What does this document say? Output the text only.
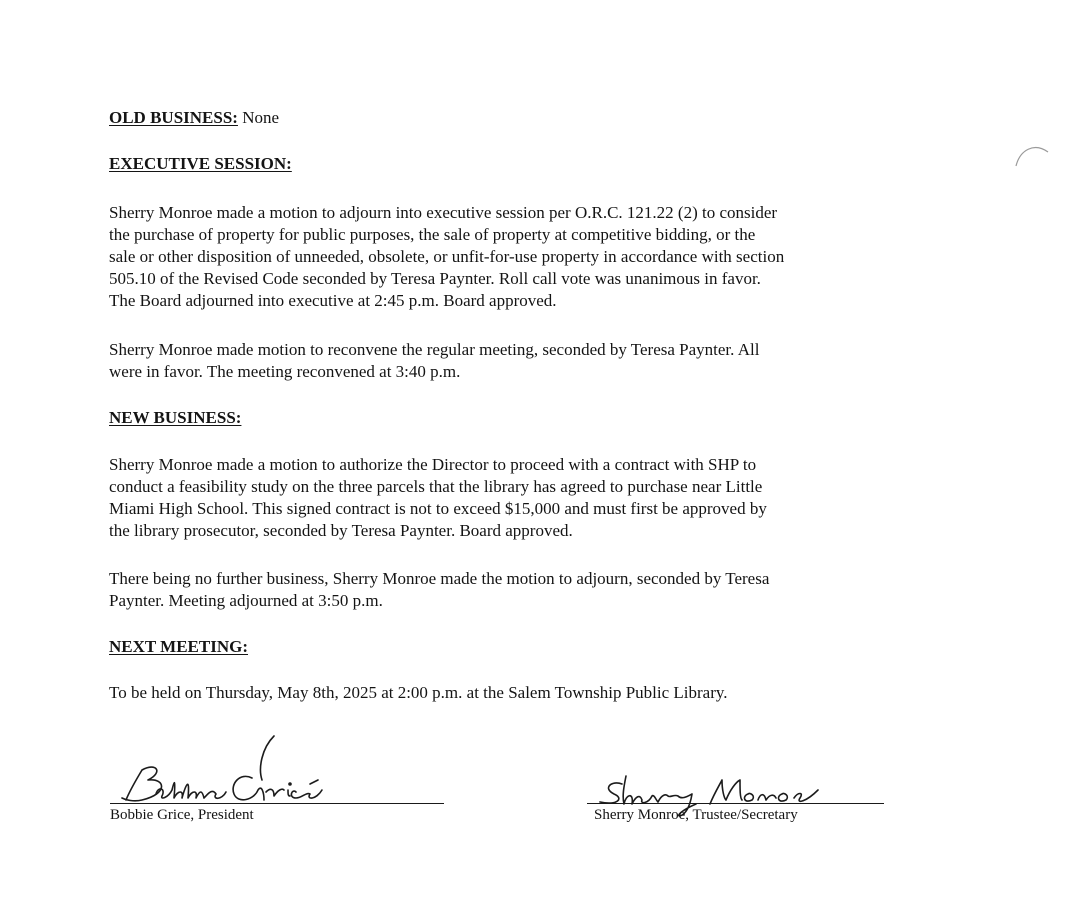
OLD BUSINESS: None
EXECUTIVE SESSION:
Sherry Monroe made a motion to adjourn into executive session per O.R.C. 121.22 (2) to consider
the purchase of property for public purposes, the sale of property at competitive bidding, or the
sale or other disposition of unneeded, obsolete, or unfit-for-use property in accordance with section
505.10 of the Revised Code seconded by Teresa Paynter. Roll call vote was unanimous in favor.
The Board adjourned into executive at 2:45 p.m. Board approved.
Sherry Monroe made motion to reconvene the regular meeting, seconded by Teresa Paynter. All
were in favor. The meeting reconvened at 3:40 p.m.
NEW BUSINESS:
Sherry Monroe made a motion to authorize the Director to proceed with a contract with SHP to
conduct a feasibility study on the three parcels that the library has agreed to purchase near Little
Miami High School. This signed contract is not to exceed $15,000 and must first be approved by
the library prosecutor, seconded by Teresa Paynter. Board approved.
There being no further business, Sherry Monroe made the motion to adjourn, seconded by Teresa
Paynter. Meeting adjourned at 3:50 p.m.
NEXT MEETING:
To be held on Thursday, May 8th, 2025 at 2:00 p.m. at the Salem Township Public Library.
Bobbie Grice, President	Sherry Monroe, Trustee/Secretary
